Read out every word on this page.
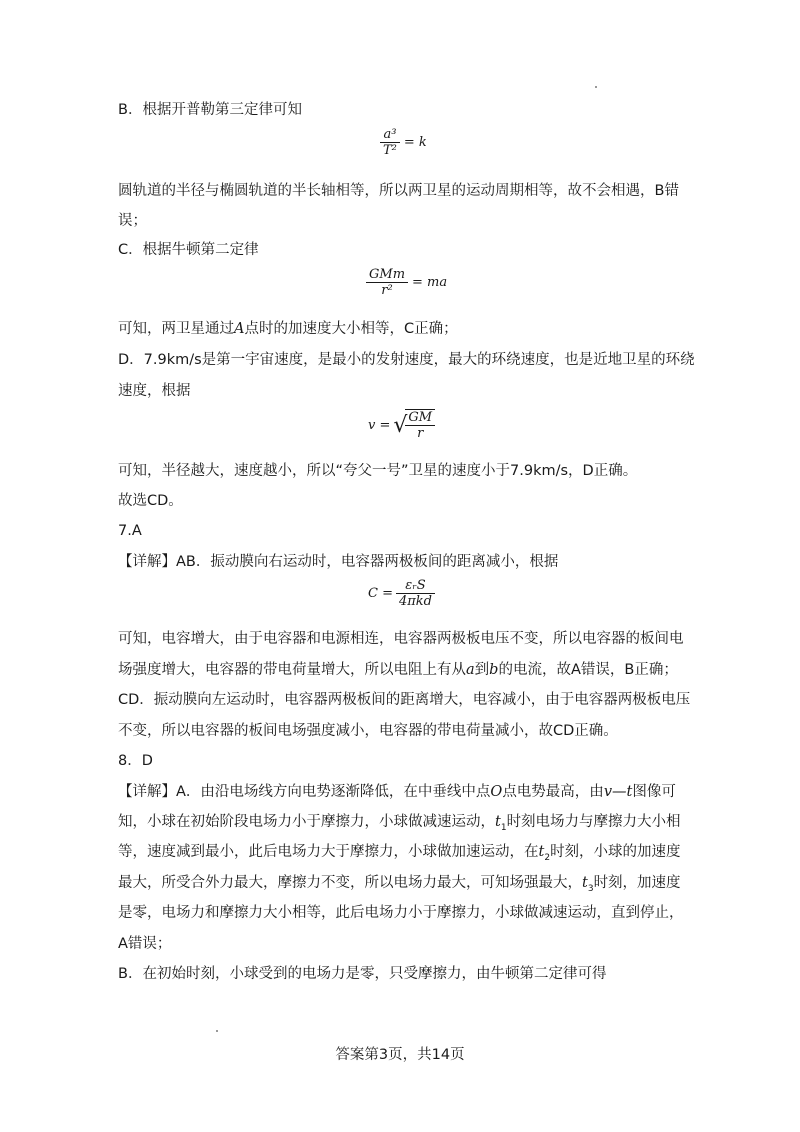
B．根据开普勒第三定律可知
$\frac{\text{a³}}{\text{T²}} = k$
圆轨道的半径与椭圆轨道的半长轴相等，所以两卫星的运动周期相等，故不会相遇，B错
误；
C．根据牛顿第二定律
$\frac{\text{GMm}}{\text{r²}}$ = ma
可知，两卫星通过A点时的加速度大小相等，C正确；
D．7.9km/s是第一宇宙速度，是最小的发射速度，最大的环绕速度，也是近地卫星的环绕
速度，根据
v = √
$\frac{GM}{r}$
可知，半径越大，速度越小，所以“夸父一号”卫星的速度小于7.9km/s，D正确。
故选CD。
7.A
【详解】AB．振动膜向右运动时，电容器两极板间的距离减小，根据
$C = \frac{\text{εᵣS}}{\text{4πkd}}$
可知，电容增大，由于电容器和电源相连，电容器两极板电压不变，所以电容器的板间电
场强度增大，电容器的带电荷量增大，所以电阻上有从a到b的电流，故A错误，B正确；
CD．振动膜向左运动时，电容器两极板间的距离增大，电容减小，由于电容器两极板电压
不变，所以电容器的板间电场强度减小，电容器的带电荷量减小，故CD正确。
8．D
【详解】A．由沿电场线方向电势逐渐降低，在中垂线中点O点电势最高，由v—t图像可
知，小球在初始阶段电场力小于摩擦力，小球做减速运动，$t_1$时刻电场力与摩擦力大小相
等，速度减到最小，此后电场力大于摩擦力，小球做加速运动，在$t_2$时刻，小球的加速度
最大，所受合外力最大，摩擦力不变，所以电场力最大，可知场强最大，$t_3$时刻，加速度
是零，电场力和摩擦力大小相等，此后电场力小于摩擦力，小球做减速运动，直到停止，
A错误；
B．在初始时刻，小球受到的电场力是零，只受摩擦力，由牛顿第二定律可得
答案第3页，共14页
